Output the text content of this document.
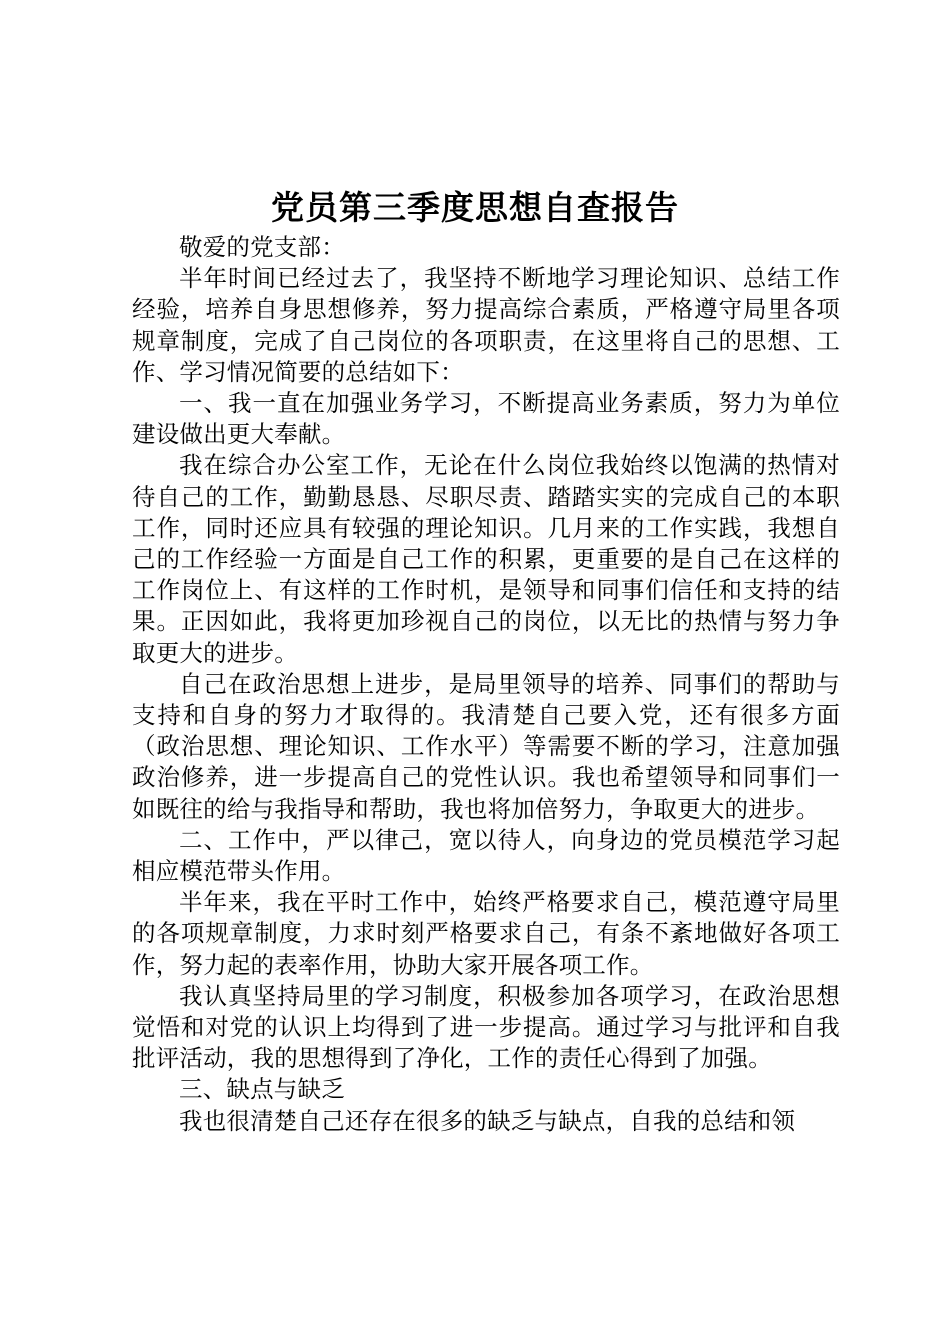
党员第三季度思想自查报告

敬爱的党支部：

半年时间已经过去了，我坚持不断地学习理论知识、总结工作经验，培养自身思想修养，努力提高综合素质，严格遵守局里各项规章制度，完成了自己岗位的各项职责，在这里将自己的思想、工作、学习情况简要的总结如下：

一、我一直在加强业务学习，不断提高业务素质，努力为单位建设做出更大奉献。

我在综合办公室工作，无论在什么岗位我始终以饱满的热情对待自己的工作，勤勤恳恳、尽职尽责、踏踏实实的完成自己的本职工作，同时还应具有较强的理论知识。几月来的工作实践，我想自己的工作经验一方面是自己工作的积累，更重要的是自己在这样的工作岗位上、有这样的工作时机，是领导和同事们信任和支持的结果。正因如此，我将更加珍视自己的岗位，以无比的热情与努力争取更大的进步。

自己在政治思想上进步，是局里领导的培养、同事们的帮助与支持和自身的努力才取得的。我清楚自己要入党，还有很多方面（政治思想、理论知识、工作水平）等需要不断的学习，注意加强政治修养，进一步提高自己的党性认识。我也希望领导和同事们一如既往的给与我指导和帮助，我也将加倍努力，争取更大的进步。

二、工作中，严以律己，宽以待人，向身边的党员模范学习起相应模范带头作用。

半年来，我在平时工作中，始终严格要求自己，模范遵守局里的各项规章制度，力求时刻严格要求自己，有条不紊地做好各项工作，努力起的表率作用，协助大家开展各项工作。

我认真坚持局里的学习制度，积极参加各项学习，在政治思想觉悟和对党的认识上均得到了进一步提高。通过学习与批评和自我批评活动，我的思想得到了净化，工作的责任心得到了加强。

三、缺点与缺乏

我也很清楚自己还存在很多的缺乏与缺点，自我的总结和领
